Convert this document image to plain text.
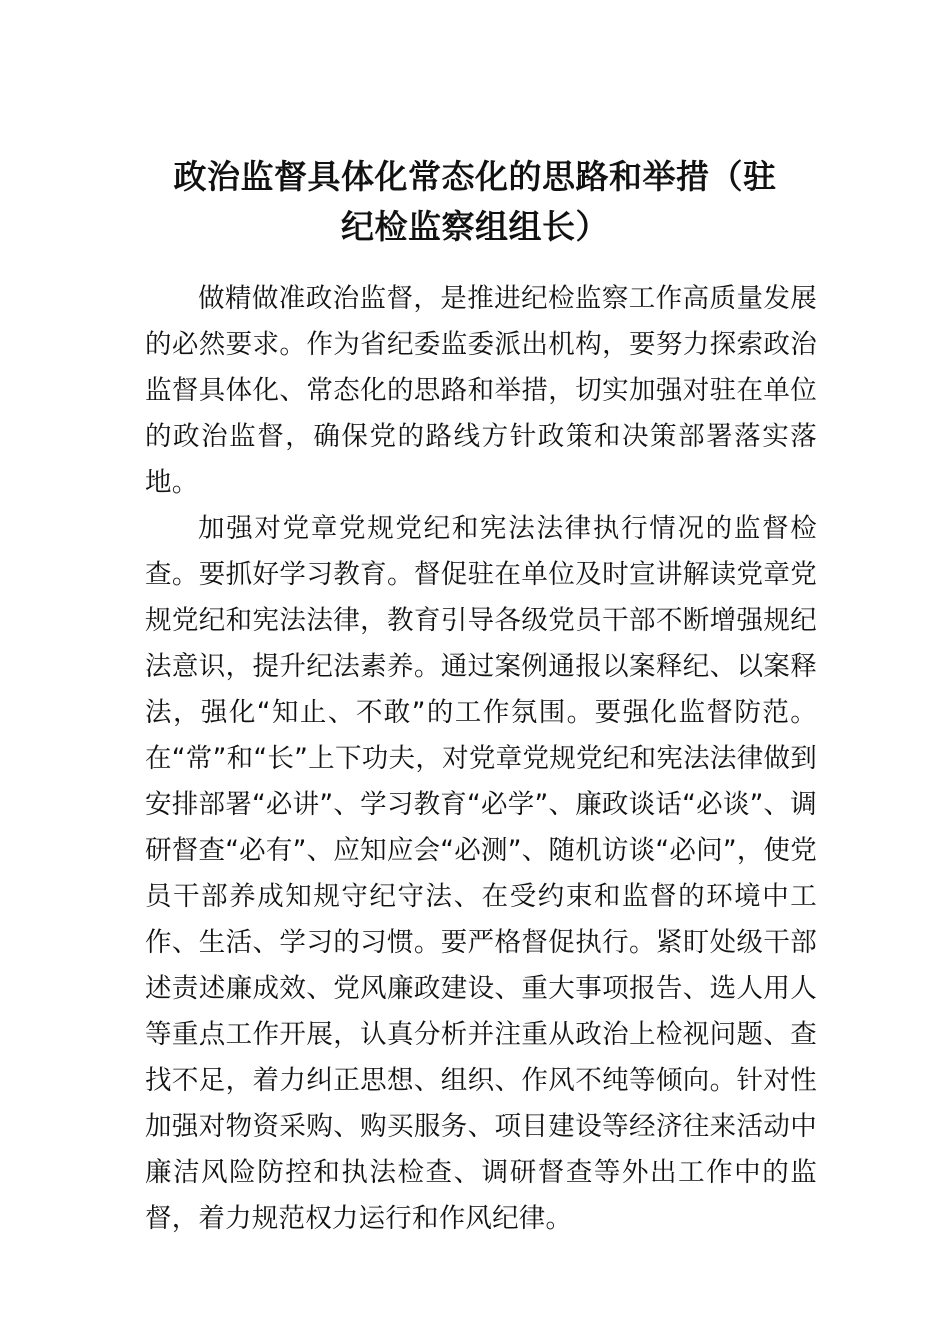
政治监督具体化常态化的思路和举措（驻
纪检监察组组长）

做精做准政治监督，是推进纪检监察工作高质量发展的必然要求。作为省纪委监委派出机构，要努力探索政治监督具体化、常态化的思路和举措，切实加强对驻在单位的政治监督，确保党的路线方针政策和决策部署落实落地。

加强对党章党规党纪和宪法法律执行情况的监督检查。要抓好学习教育。督促驻在单位及时宣讲解读党章党规党纪和宪法法律，教育引导各级党员干部不断增强规纪法意识，提升纪法素养。通过案例通报以案释纪、以案释法，强化“知止、不敢”的工作氛围。要强化监督防范。在“常”和“长”上下功夫，对党章党规党纪和宪法法律做到安排部署“必讲”、学习教育“必学”、廉政谈话“必谈”、调研督查“必有”、应知应会“必测”、随机访谈“必问”，使党员干部养成知规守纪守法、在受约束和监督的环境中工作、生活、学习的习惯。要严格督促执行。紧盯处级干部述责述廉成效、党风廉政建设、重大事项报告、选人用人等重点工作开展，认真分析并注重从政治上检视问题、查找不足，着力纠正思想、组织、作风不纯等倾向。针对性加强对物资采购、购买服务、项目建设等经济往来活动中廉洁风险防控和执法检查、调研督查等外出工作中的监督，着力规范权力运行和作风纪律。
